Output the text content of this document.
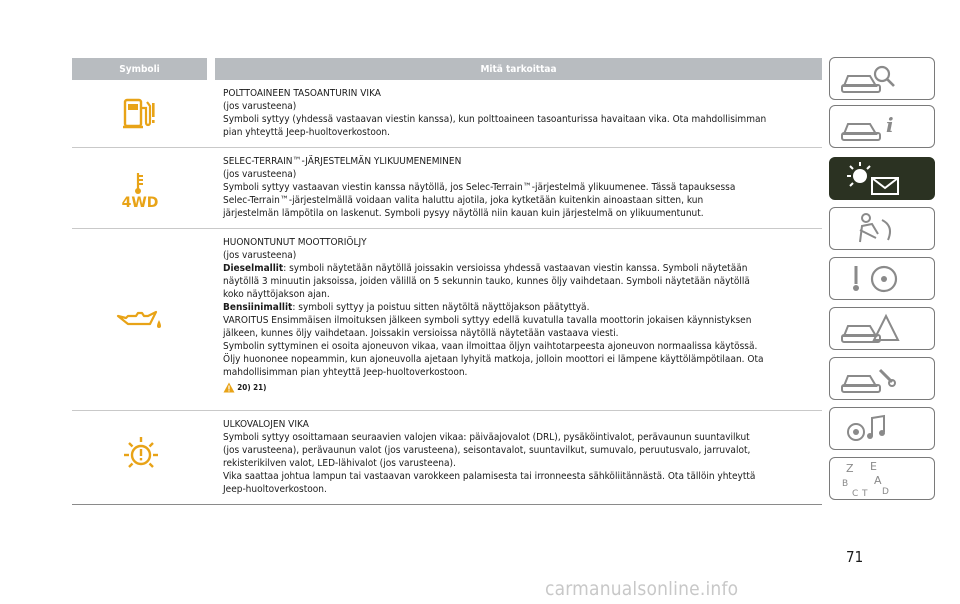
Symboli	Mitä tarkoittaa

POLTTOAINEEN TASOANTURIN VIKA

(jos varusteena)

Symboli syttyy (yhdessä vastaavan viestin kanssa), kun polttoaineen tasoanturissa havaitaan vika. Ota mahdollisimman

pian yhteyttä Jeep-huoltoverkostoon.

4WD

SELEC-TERRAIN™-JÄRJESTELMÄN YLIKUUMENEMINEN

(jos varusteena)

Symboli syttyy vastaavan viestin kanssa näytöllä, jos Selec-Terrain™-järjestelmä ylikuumenee. Tässä tapauksessa

Selec-Terrain™-järjestelmällä voidaan valita haluttu ajotila, joka kytketään kuitenkin ainoastaan sitten, kun

järjestelmän lämpötila on laskenut. Symboli pysyy näytöllä niin kauan kuin järjestelmä on ylikuumentunut.

HUONONTUNUT MOOTTORIÖLJY

(jos varusteena)

Dieselmallit: symboli näytetään näytöllä joissakin versioissa yhdessä vastaavan viestin kanssa. Symboli näytetään

näytöllä 3 minuutin jaksoissa, joiden välillä on 5 sekunnin tauko, kunnes öljy vaihdetaan. Symboli näytetään näytöllä

koko näyttöjakson ajan.

Bensiinimallit: symboli syttyy ja poistuu sitten näytöltä näyttöjakson päätyttyä.

VAROITUS Ensimmäisen ilmoituksen jälkeen symboli syttyy edellä kuvatulla tavalla moottorin jokaisen käynnistyksen

jälkeen, kunnes öljy vaihdetaan. Joissakin versioissa näytöllä näytetään vastaava viesti.

Symbolin syttyminen ei osoita ajoneuvon vikaa, vaan ilmoittaa öljyn vaihtotarpeesta ajoneuvon normaalissa käytössä.

Öljy huononee nopeammin, kun ajoneuvolla ajetaan lyhyitä matkoja, jolloin moottori ei lämpene käyttölämpötilaan. Ota

mahdollisimman pian yhteyttä Jeep-huoltoverkostoon.

20) 21)

ULKOVALOJEN VIKA

Symboli syttyy osoittamaan seuraavien valojen vikaa: päiväajovalot (DRL), pysäköintivalot, perävaunun suuntavilkut

(jos varusteena), perävaunun valot (jos varusteena), seisontavalot, suuntavilkut, sumuvalo, peruutusvalo, jarruvalot,

rekisterikilven valot, LED-lähivalot (jos varusteena).

Vika saattaa johtua lampun tai vastaavan varokkeen palamisesta tai irronneesta sähköliitännästä. Ota tällöin yhteyttä

Jeep-huoltoverkostoon.

i
Z E
B A
C	D
T
71
carmanualsonline.info
